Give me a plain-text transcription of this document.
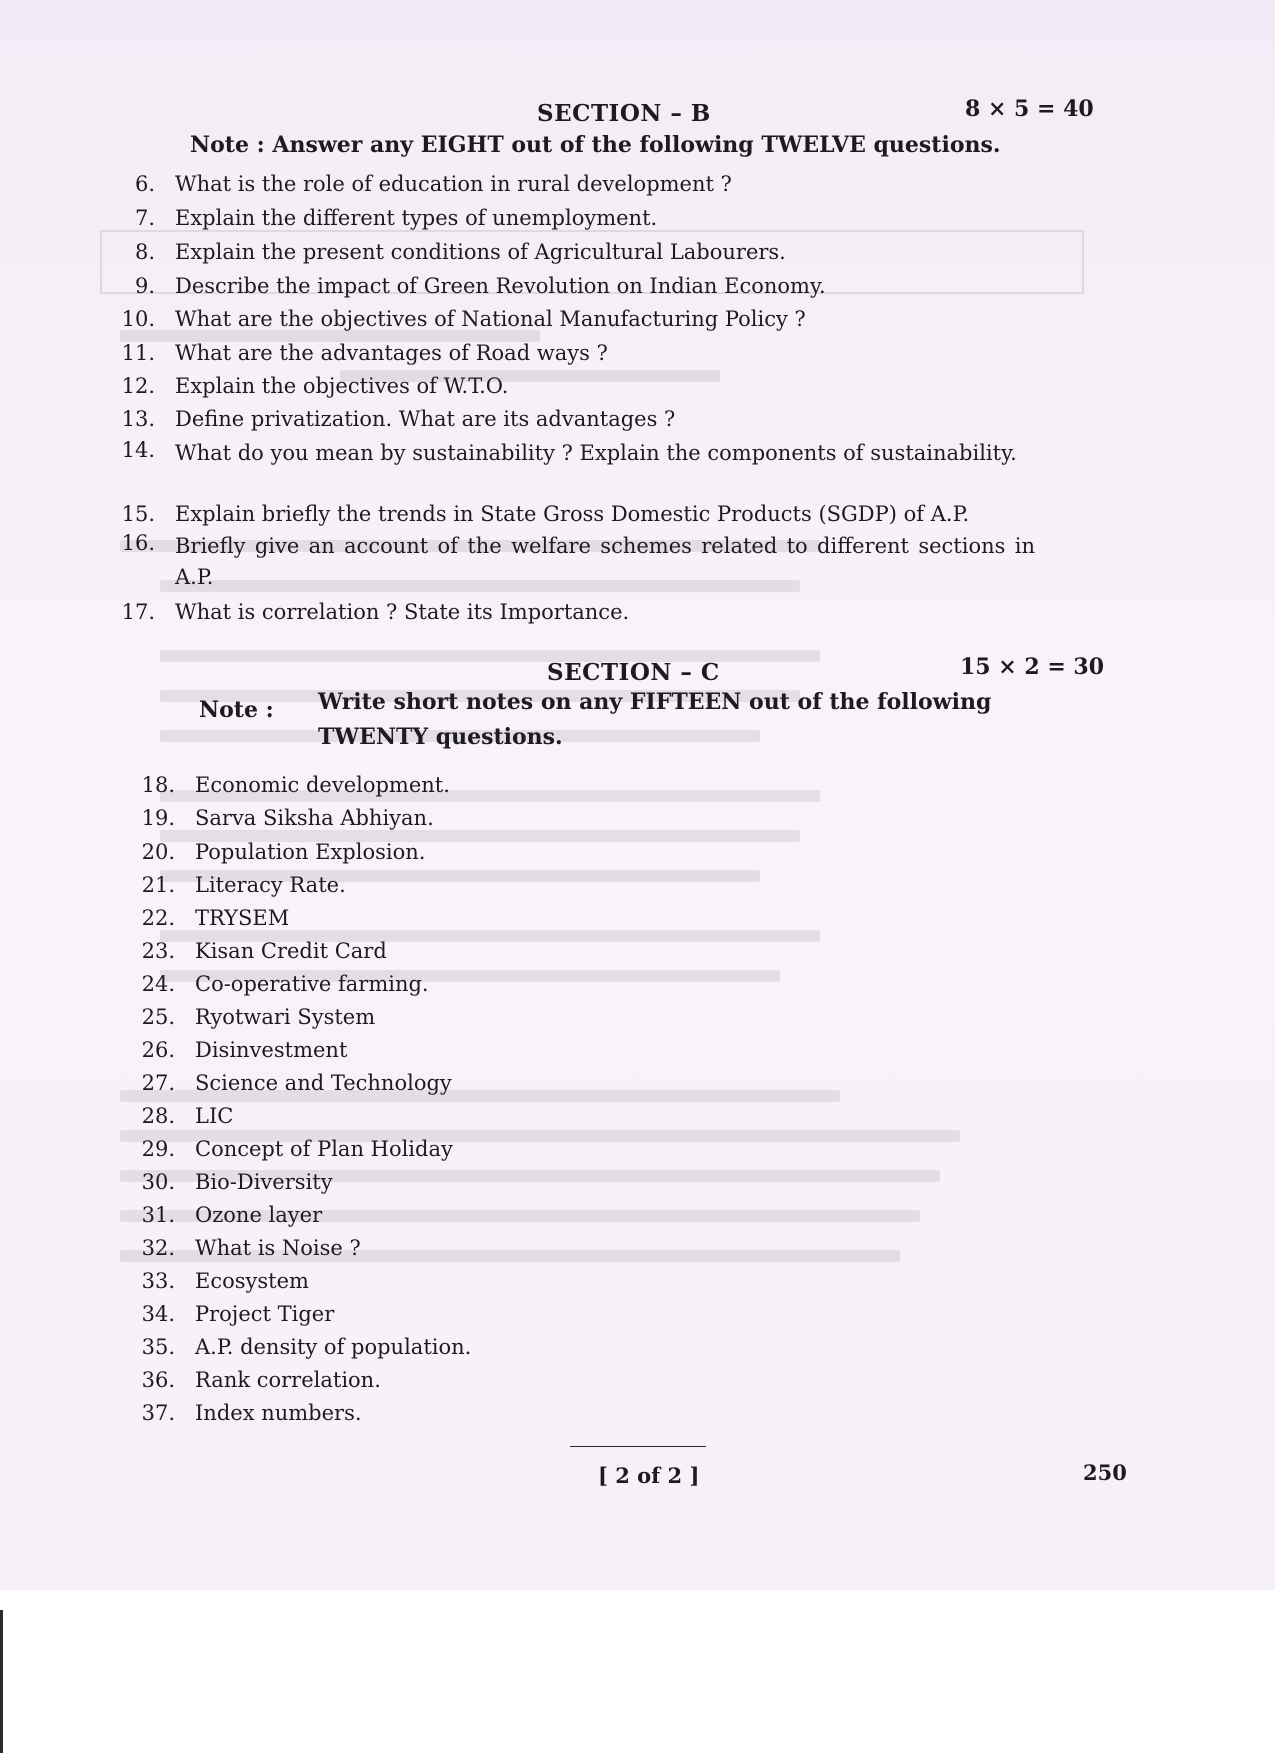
SECTION – B	8 × 5 = 40
Note : Answer any EIGHT out of the following TWELVE questions.
6. What is the role of education in rural development ?
7. Explain the different types of unemployment.
8. Explain the present conditions of Agricultural Labourers.
9. Describe the impact of Green Revolution on Indian Economy.
10. What are the objectives of National Manufacturing Policy ?
11. What are the advantages of Road ways ?
12. Explain the objectives of W.T.O.
13. Define privatization. What are its advantages ?
14. What do you mean by sustainability ? Explain the components of sustainability.
15. Explain briefly the trends in State Gross Domestic Products (SGDP) of A.P.
16. Briefly give an account of the welfare schemes related to different sections in A.P.
17. What is correlation ? State its Importance.
SECTION – C	15 × 2 = 30
Note : Write short notes on any FIFTEEN out of the following
TWENTY questions.
18. Economic development.
19. Sarva Siksha Abhiyan.
20. Population Explosion.
21. Literacy Rate.
22. TRYSEM
23. Kisan Credit Card
24. Co-operative farming.
25. Ryotwari System
26. Disinvestment
27. Science and Technology
28. LIC
29. Concept of Plan Holiday
30. Bio-Diversity
31. Ozone layer
32. What is Noise ?
33. Ecosystem
34. Project Tiger
35. A.P. density of population.
36. Rank correlation.
37. Index numbers.
[ 2 of 2 ]	250
